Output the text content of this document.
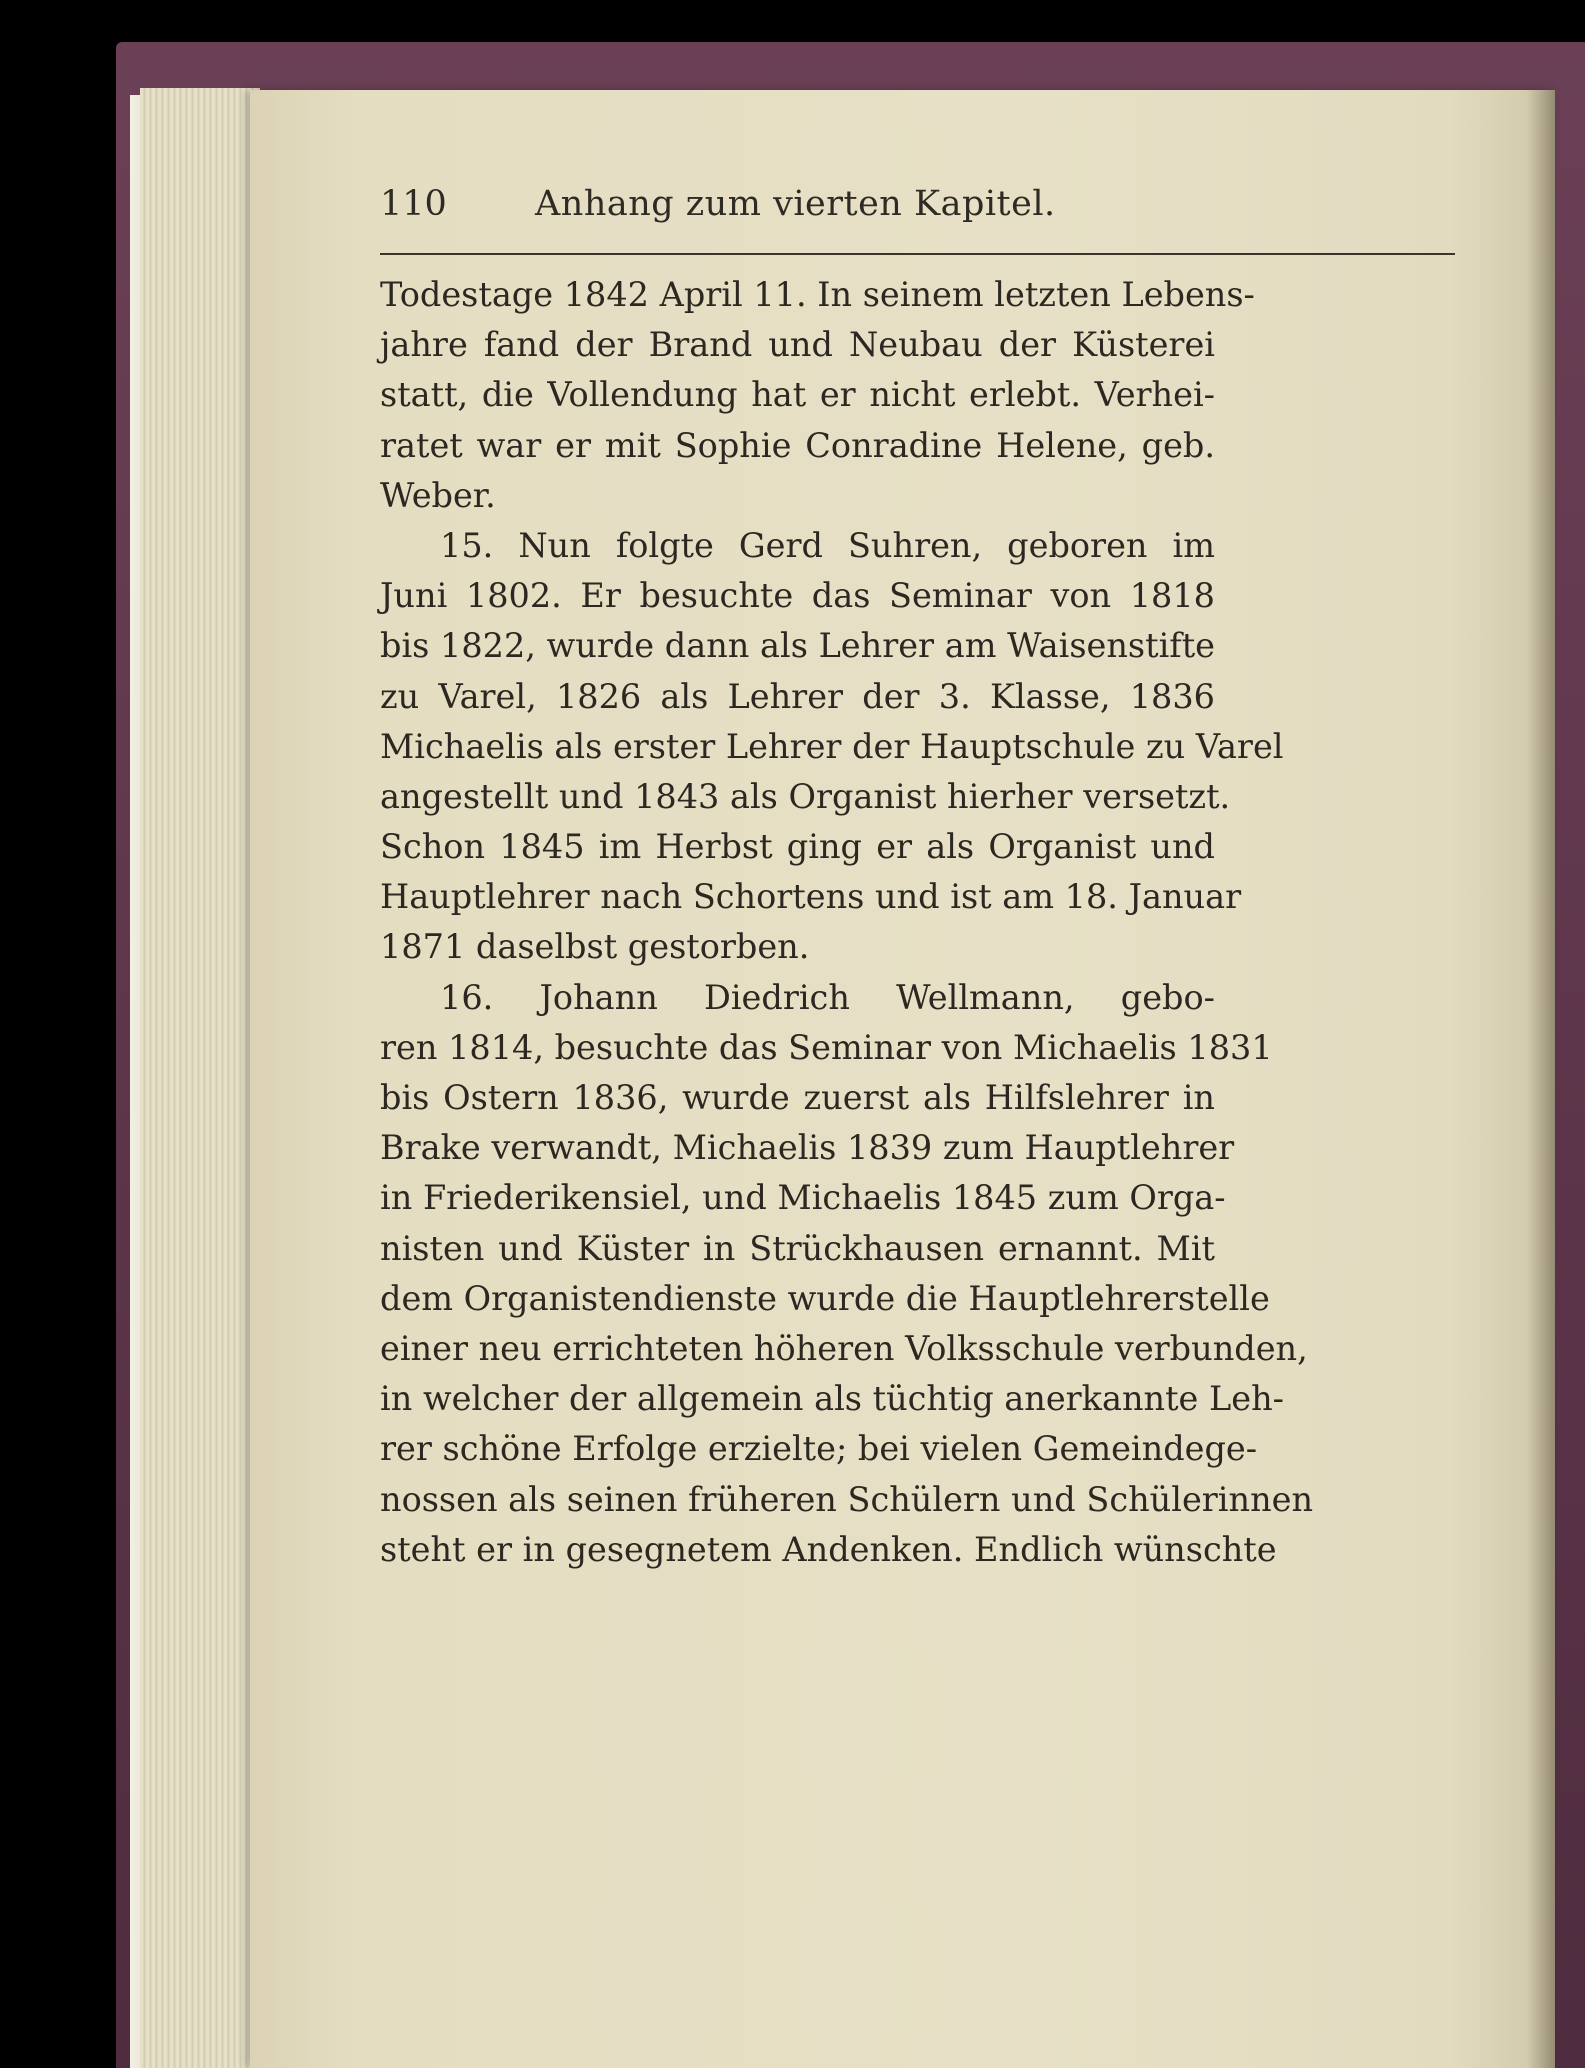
110	Anhang zum vierten Kapitel.
Todestage 1842 April 11. In seinem letzten Lebens-
jahre fand der Brand und Neubau der Küsterei
statt, die Vollendung hat er nicht erlebt. Verhei-
ratet war er mit Sophie Conradine Helene, geb.
Weber.
15. Nun folgte Gerd Suhren, geboren im
Juni 1802. Er besuchte das Seminar von 1818
bis 1822, wurde dann als Lehrer am Waisenstifte
zu Varel, 1826 als Lehrer der 3. Klasse, 1836
Michaelis als erster Lehrer der Hauptschule zu Varel
angestellt und 1843 als Organist hierher versetzt.
Schon 1845 im Herbst ging er als Organist und
Hauptlehrer nach Schortens und ist am 18. Januar
1871 daselbst gestorben.
16. Johann Diedrich Wellmann, gebo-
ren 1814, besuchte das Seminar von Michaelis 1831
bis Ostern 1836, wurde zuerst als Hilfslehrer in
Brake verwandt, Michaelis 1839 zum Hauptlehrer
in Friederikensiel, und Michaelis 1845 zum Orga-
nisten und Küster in Strückhausen ernannt. Mit
dem Organistendienste wurde die Hauptlehrerstelle
einer neu errichteten höheren Volksschule verbunden,
in welcher der allgemein als tüchtig anerkannte Leh-
rer schöne Erfolge erzielte; bei vielen Gemeindege-
nossen als seinen früheren Schülern und Schülerinnen
steht er in gesegnetem Andenken. Endlich wünschte
